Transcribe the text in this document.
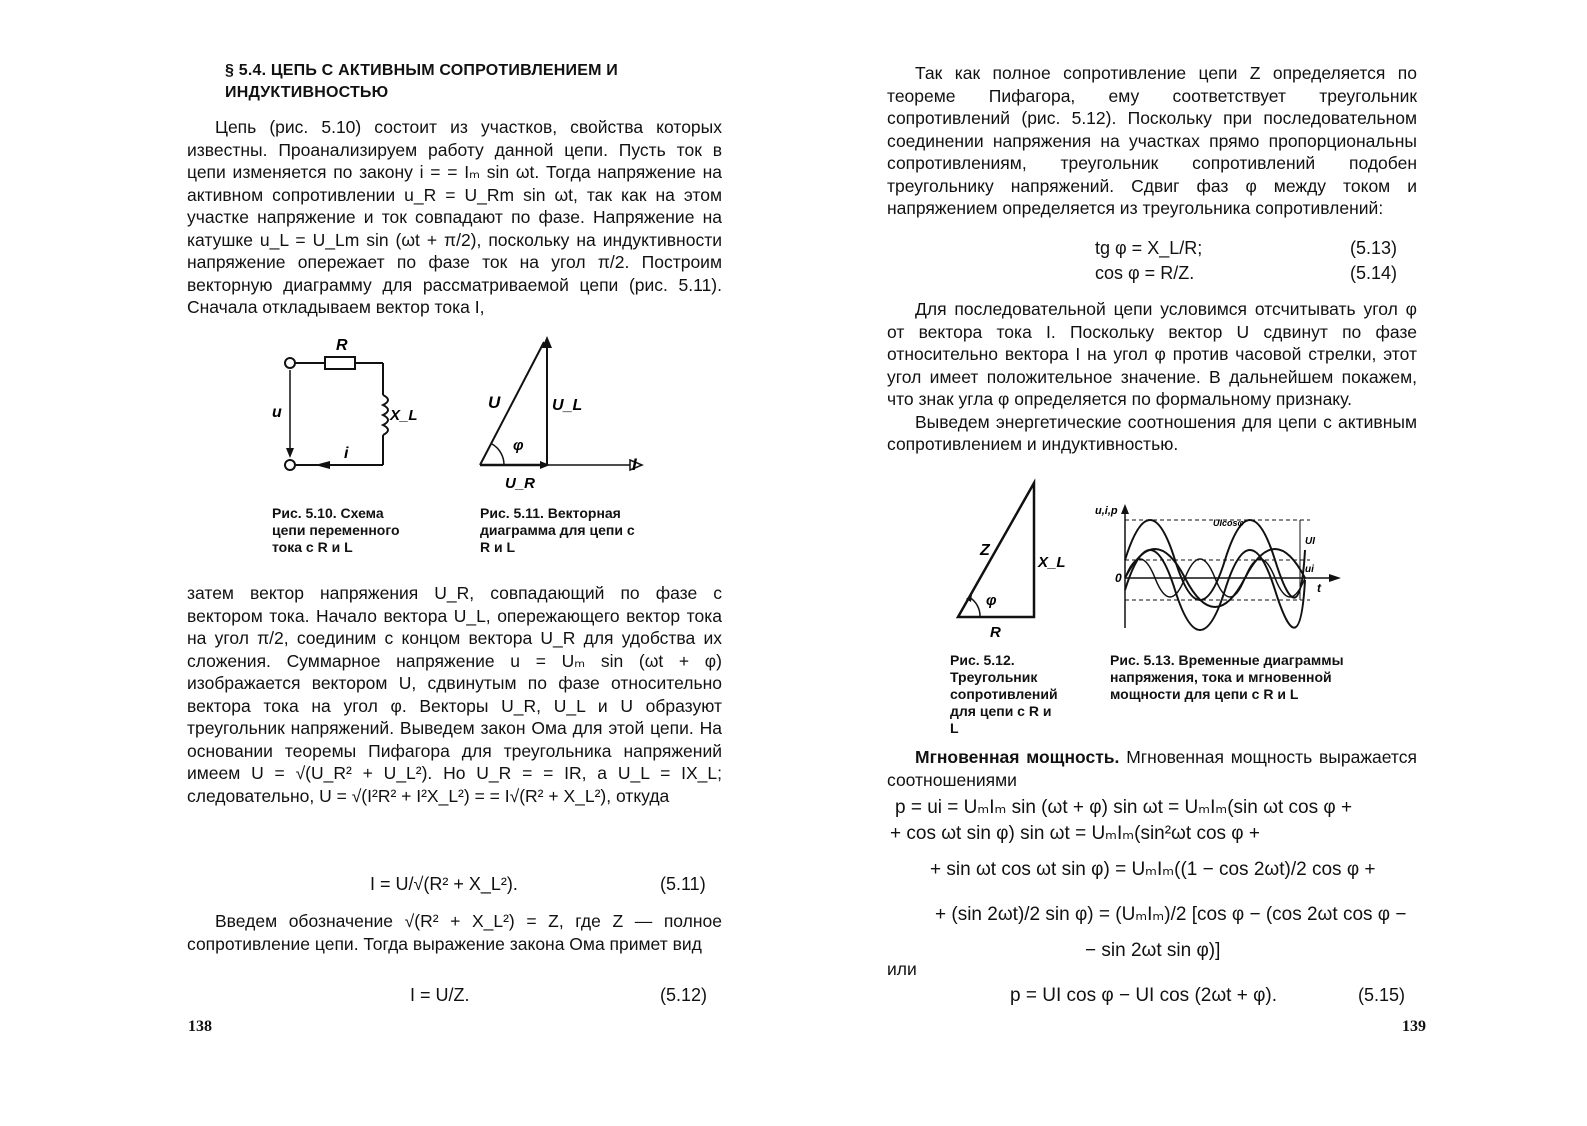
§ 5.4. ЦЕПЬ С АКТИВНЫМ СОПРОТИВЛЕНИЕМ И ИНДУКТИВНОСТЬЮ

Цепь (рис. 5.10) состоит из участков, свойства которых известны. Проанализируем работу данной цепи. Пусть ток в цепи изменяется по закону i = = Iₘ sin ωt. Тогда напряжение на активном сопротивлении u_R = U_Rm sin ωt, так как на этом участке напряжение и ток совпадают по фазе. Напряжение на катушке u_L = U_Lm sin (ωt + π/2), поскольку на индуктивности напряжение опережает по фазе ток на угол π/2. Построим векторную диаграмму для рассматриваемой цепи (рис. 5.11). Сначала откладываем вектор тока I,

R
u	X_L
i
Рис. 5.10. Схема цепи переменного тока с R и L
U	U_L
φ
U_R
I
Рис. 5.11. Векторная диаграмма для цепи с R и L

затем вектор напряжения U_R, совпадающий по фазе с вектором тока. Начало вектора U_L, опережающего вектор тока на угол π/2, соединим с концом вектора U_R для удобства их сложения. Суммарное напряжение u = Uₘ sin (ωt + φ) изображается вектором U, сдвинутым по фазе относительно вектора тока на угол φ. Векторы U_R, U_L и U образуют треугольник напряжений. Выведем закон Ома для этой цепи. На основании теоремы Пифагора для треугольника напряжений имеем U = √(U_R² + U_L²). Но U_R = = IR, а U_L = IX_L; следовательно, U = √(I²R² + I²X_L²) = = I√(R² + X_L²), откуда

I = U/√(R² + X_L²).	(5.11)

Введем обозначение √(R² + X_L²) = Z, где Z — полное сопротивление цепи. Тогда выражение закона Ома примет вид

I = U/Z.	(5.12)
138

Так как полное сопротивление цепи Z определяется по теореме Пифагора, ему соответствует треугольник сопротивлений (рис. 5.12). Поскольку при последовательном соединении напряжения на участках прямо пропорциональны сопротивлениям, треугольник сопротивлений подобен треугольнику напряжений. Сдвиг фаз φ между током и напряжением определяется из треугольника сопротивлений:

tg φ = X_L/R;	(5.13)
cos φ = R/Z.	(5.14)

Для последовательной цепи условимся отсчитывать угол φ от вектора тока I. Поскольку вектор U сдвинут по фазе относительно вектора I на угол φ против часовой стрелки, этот угол имеет положительное значение. В дальнейшем покажем, что знак угла φ определяется по формальному признаку.

Выведем энергетические соотношения для цепи с активным сопротивлением и индуктивностью.

Z
X_L
φ
R
Рис. 5.12. Треугольник сопротивлений для цепи с R и L
u,i,p
0
t
UI
UIcosφ
ui
Рис. 5.13. Временные диаграммы напряжения, тока и мгновенной мощности для цепи с R и L

Мгновенная мощность. Мгновенная мощность выражается соотношениями

p = ui = UₘIₘ sin (ωt + φ) sin ωt = UₘIₘ(sin ωt cos φ +
+ cos ωt sin φ) sin ωt = UₘIₘ(sin²ωt cos φ +
+ sin ωt cos ωt sin φ) = UₘIₘ((1 − cos 2ωt)/2 cos φ +
+ (sin 2ωt)/2 sin φ) = (UₘIₘ)/2 [cos φ − (cos 2ωt cos φ −
− sin 2ωt sin φ)]
или
p = UI cos φ − UI cos (2ωt + φ).	(5.15)
139
